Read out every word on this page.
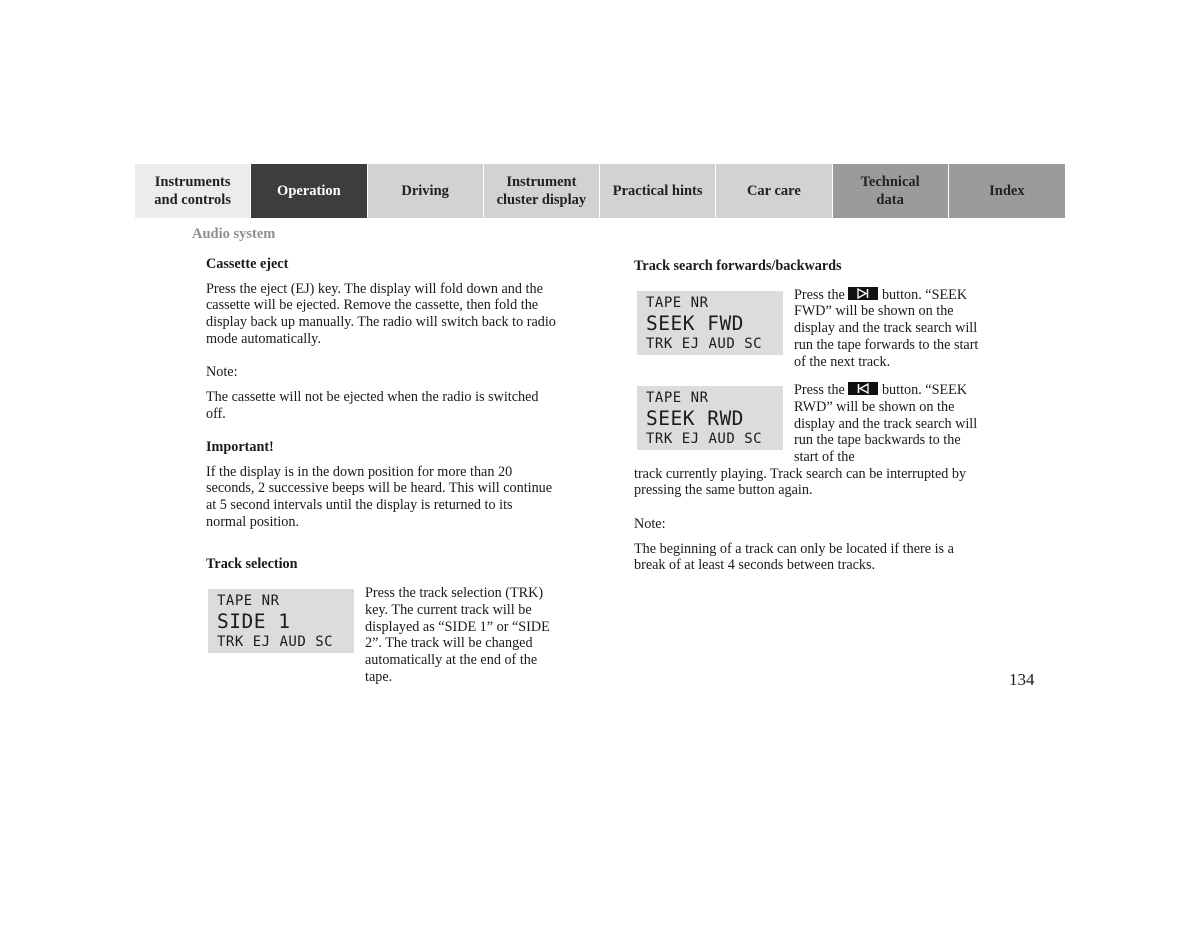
Instruments
and controls
Operation	Driving
Instrument
cluster display
Practical hints	Car care
Technical
data
Index
Audio system
Cassette eject

Press the eject (EJ) key. The display will fold down and the cassette will be ejected. Remove the cassette, then fold the display back up manually. The radio will switch back to radio mode automatically.

Note:

The cassette will not be ejected when the radio is switched off.

Important!

If the display is in the down position for more than 20 seconds, 2 successive beeps will be heard. This will continue at 5 second intervals until the display is returned to its normal position.

Track selection
TAPE NR
SIDE 1
TRK EJ AUD SC
Press the track selection (TRK) key. The current track will be displayed as “SIDE 1” or “SIDE 2”. The track will be changed automatically at the end of the tape.
Track search forwards/backwards
TAPE NR
SEEK FWD
TRK EJ AUD SC
Press the	button. “SEEK FWD” will be shown on the display and the track search will run the tape forwards to the start of the next track.
TAPE NR
SEEK RWD
TRK EJ AUD SC
Press the	button. “SEEK RWD” will be shown on the display and the track search will run the tape backwards to the start of the

track currently playing. Track search can be interrupted by pressing the same button again.

Note:

The beginning of a track can only be located if there is a break of at least 4 seconds between tracks.

134
